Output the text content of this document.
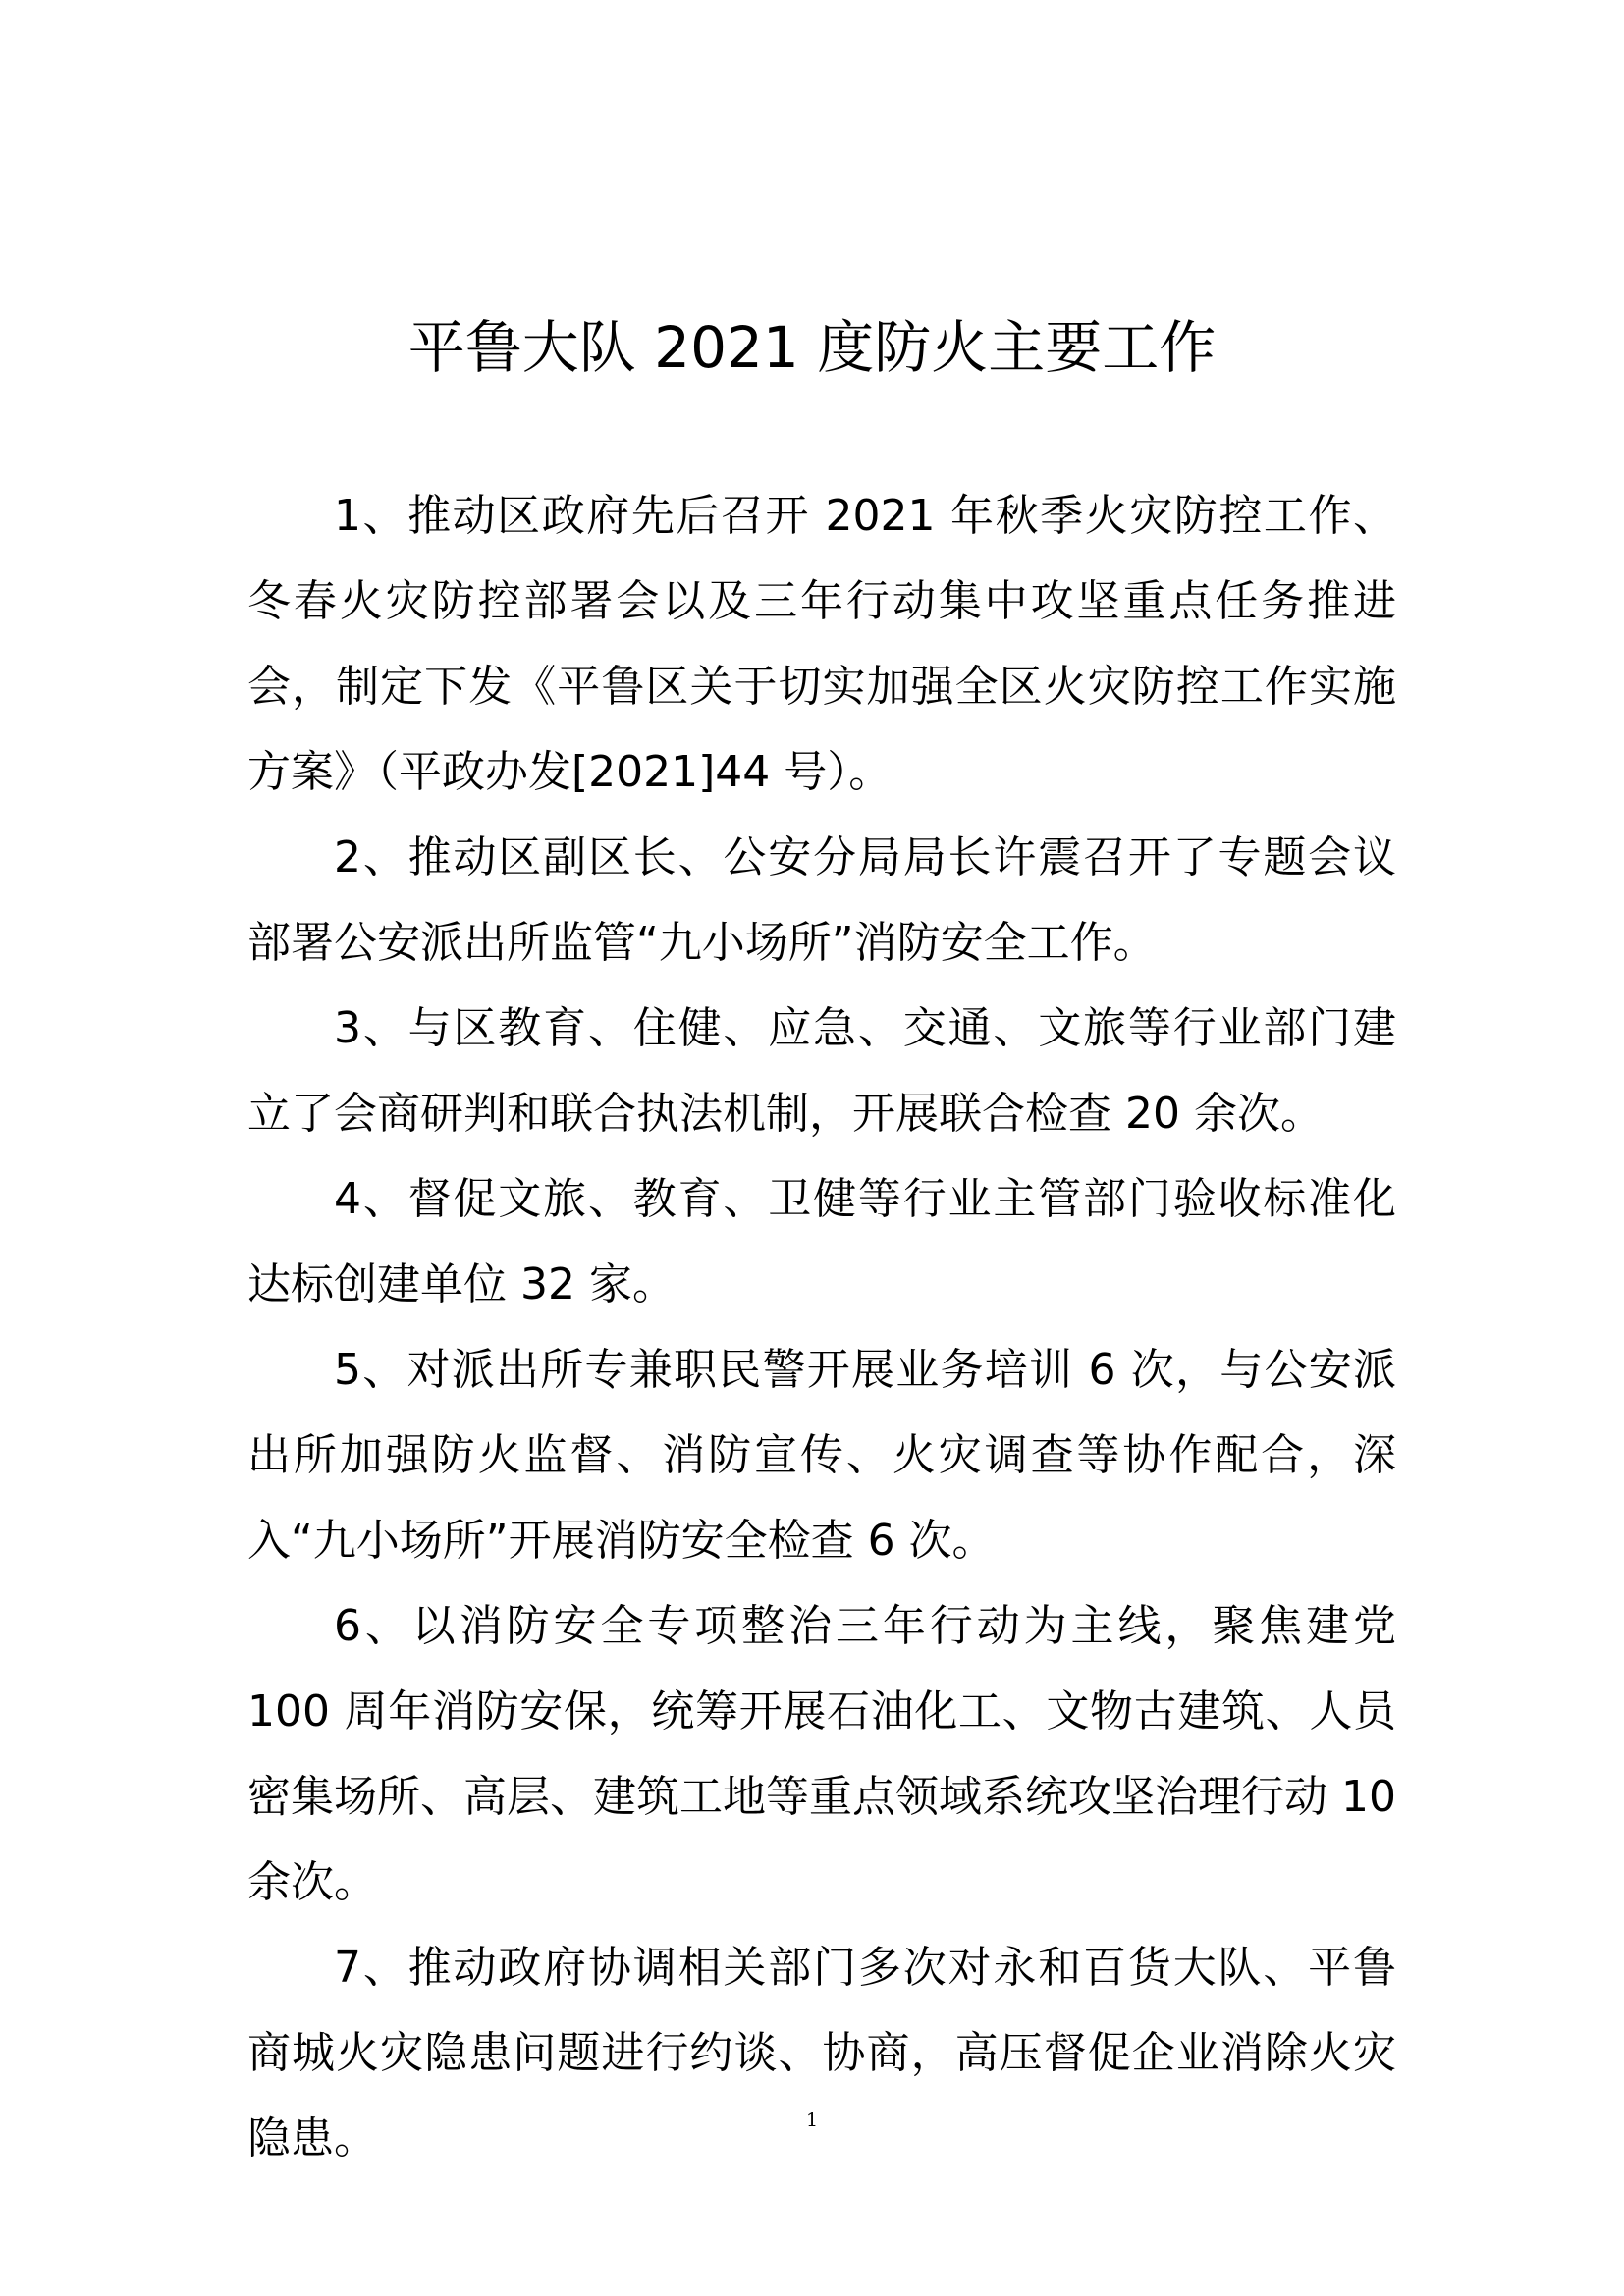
平鲁大队 2021 度防火主要工作

1、推动区政府先后召开 2021 年秋季火灾防控工作、冬春火灾防控部署会以及三年行动集中攻坚重点任务推进会，制定下发《平鲁区关于切实加强全区火灾防控工作实施方案》（平政办发[2021]44 号）。

2、推动区副区长、公安分局局长许震召开了专题会议部署公安派出所监管“九小场所”消防安全工作。

3、与区教育、住健、应急、交通、文旅等行业部门建立了会商研判和联合执法机制，开展联合检查 20 余次。

4、督促文旅、教育、卫健等行业主管部门验收标准化达标创建单位 32 家。

5、对派出所专兼职民警开展业务培训 6 次，与公安派出所加强防火监督、消防宣传、火灾调查等协作配合，深入“九小场所”开展消防安全检查 6 次。

6、以消防安全专项整治三年行动为主线，聚焦建党 100 周年消防安保，统筹开展石油化工、文物古建筑、人员密集场所、高层、建筑工地等重点领域系统攻坚治理行动 10 余次。

7、推动政府协调相关部门多次对永和百货大队、平鲁商城火灾隐患问题进行约谈、协商，高压督促企业消除火灾隐患。	1
